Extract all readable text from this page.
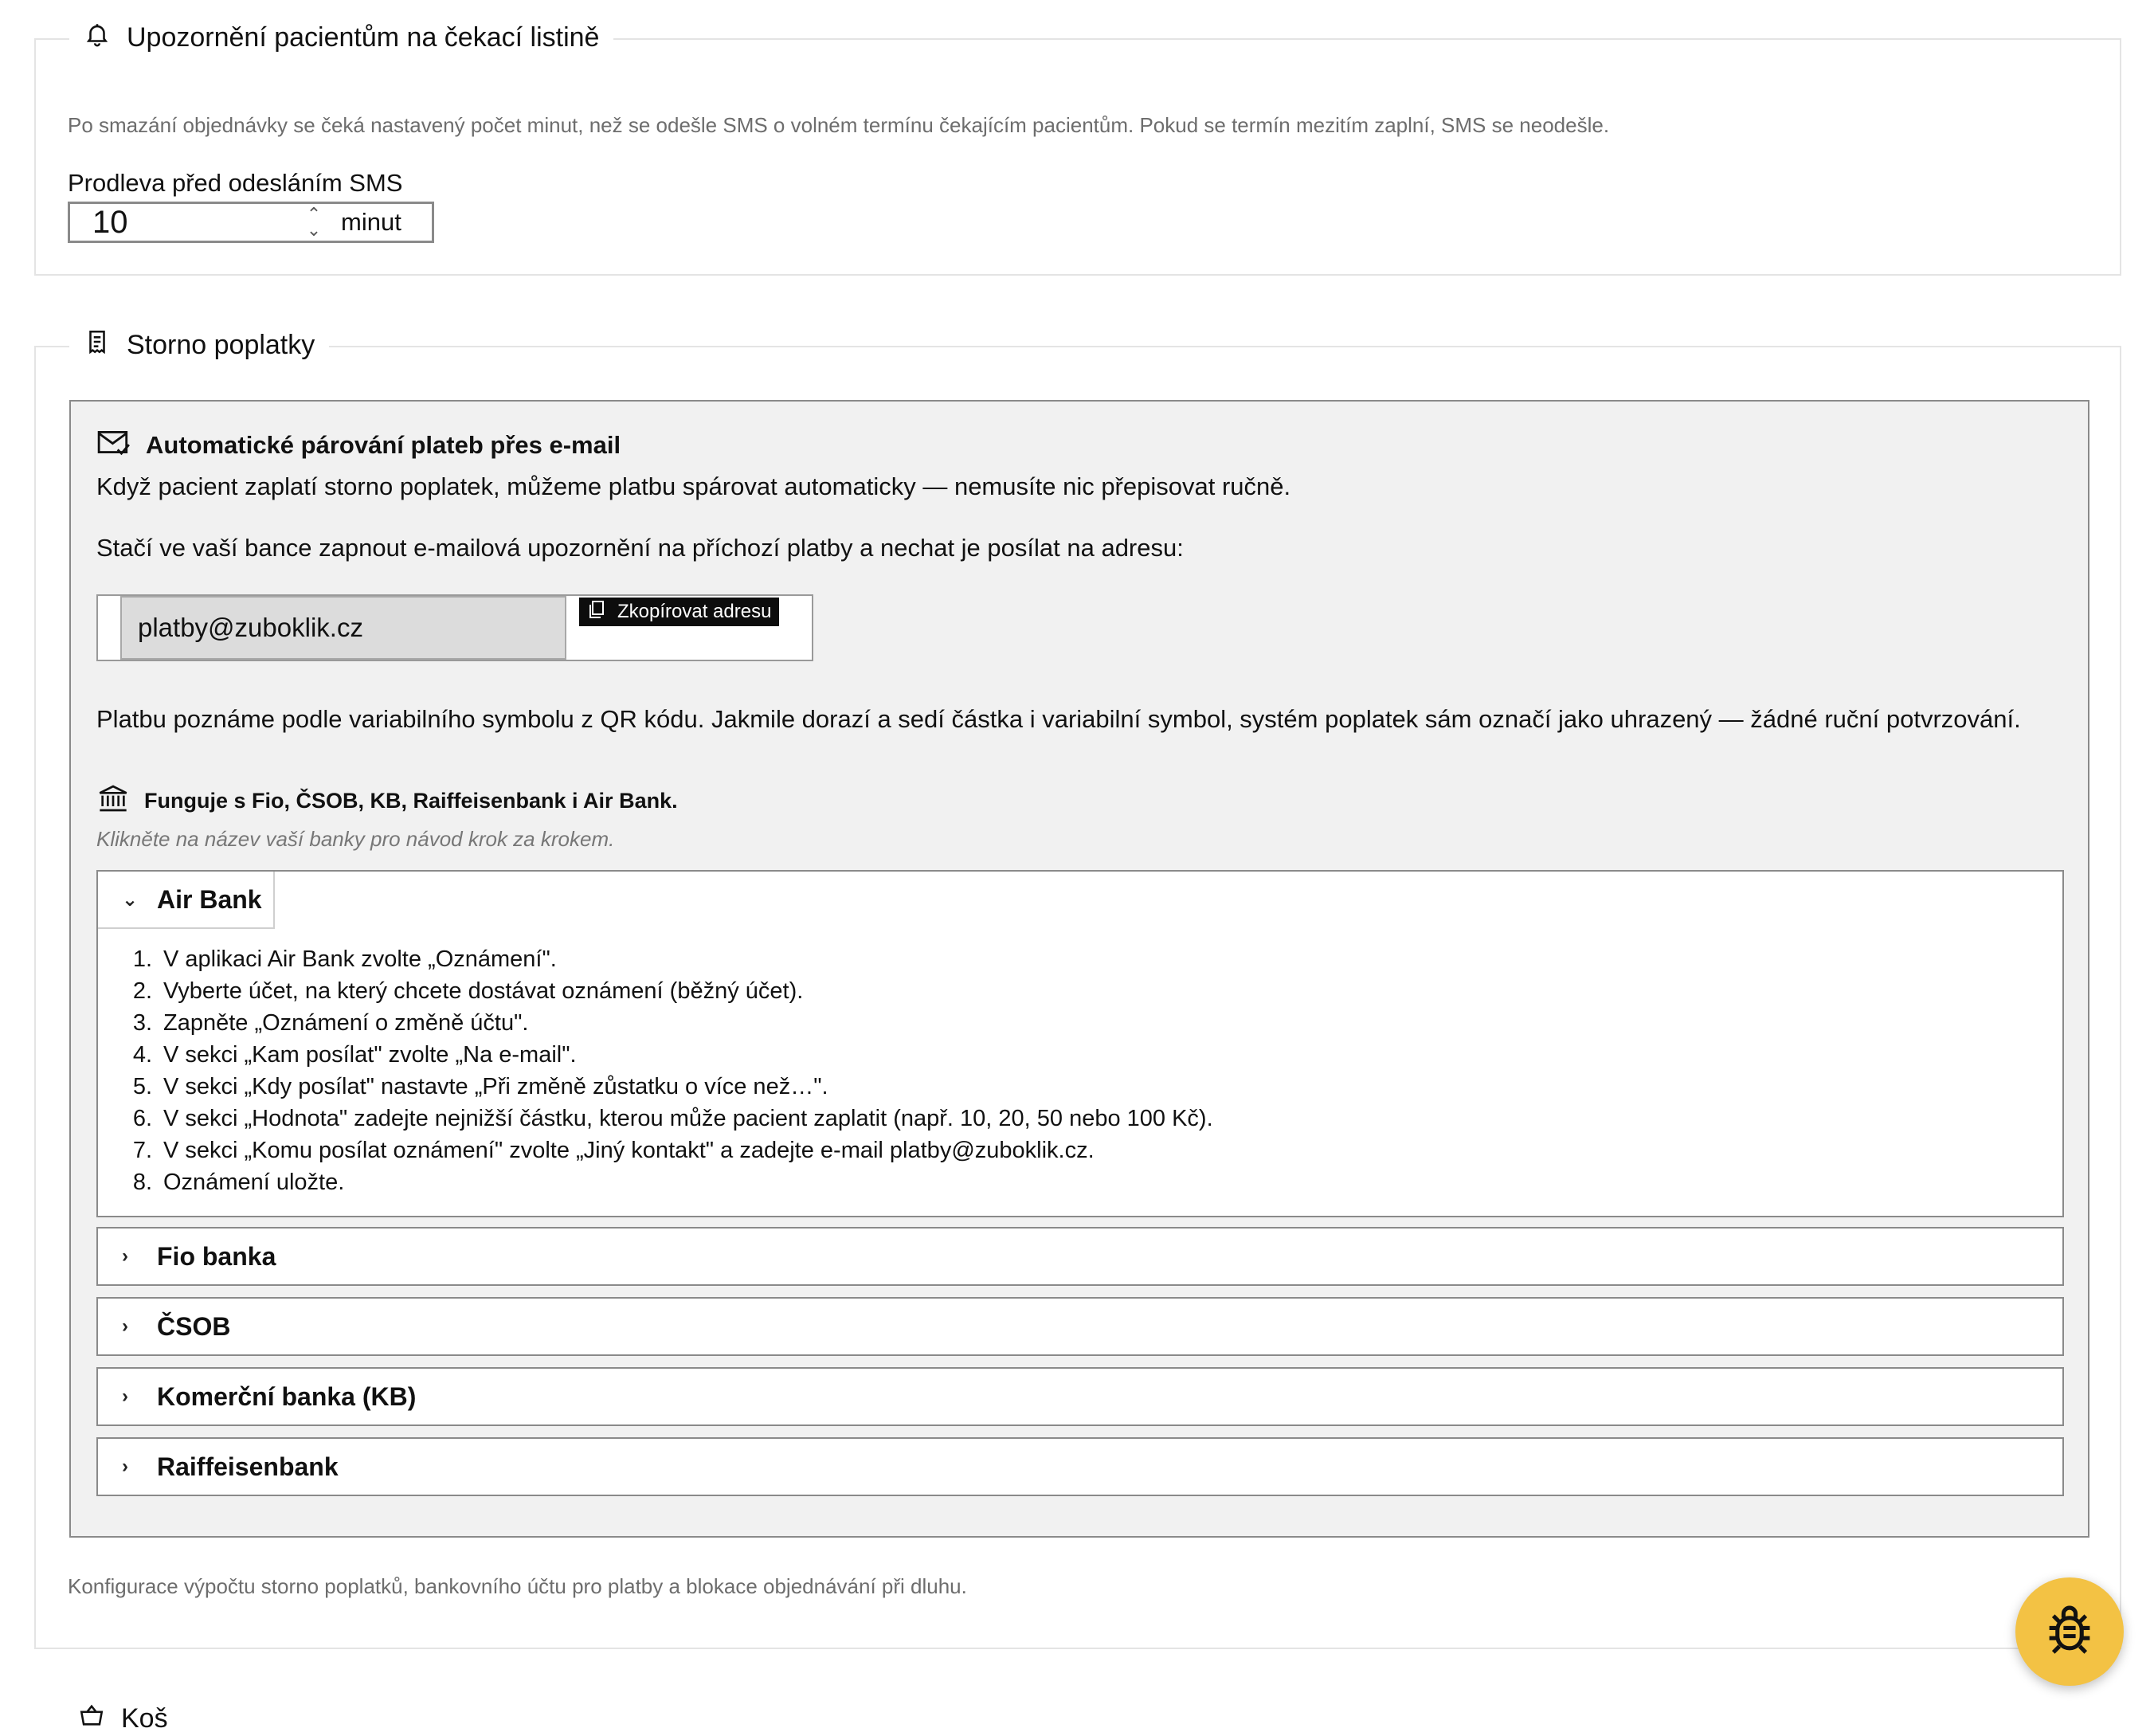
Upozornění pacientům na čekací listině
Po smazání objednávky se čeká nastavený počet minut, než se odešle SMS o volném termínu čekajícím pacientům. Pokud se termín mezitím zaplní, SMS se neodešle.
Prodleva před odesláním SMS
10	⌃
⌄ minut
Storno poplatky
Automatické párování plateb přes e-mail
Když pacient zaplatí storno poplatek, můžeme platbu spárovat automaticky — nemusíte nic přepisovat ručně.
Stačí ve vaší bance zapnout e-mailová upozornění na příchozí platby a nechat je posílat na adresu:
platby@zuboklik.cz
Zkopírovat adresu
Platbu poznáme podle variabilního symbolu z QR kódu. Jakmile dorazí a sedí částka i variabilní symbol, systém poplatek sám označí jako uhrazený — žádné ruční potvrzování.
Funguje s Fio, ČSOB, KB, Raiffeisenbank i Air Bank.
Klikněte na název vaší banky pro návod krok za krokem.
⌄ Air Bank
1. V aplikaci Air Bank zvolte „Oznámení".
2. Vyberte účet, na který chcete dostávat oznámení (běžný účet).
3. Zapněte „Oznámení o změně účtu".
4. V sekci „Kam posílat" zvolte „Na e-mail".
5. V sekci „Kdy posílat" nastavte „Při změně zůstatku o více než…".
6. V sekci „Hodnota" zadejte nejnižší částku, kterou může pacient zaplatit (např. 10, 20, 50 nebo 100 Kč).
7. V sekci „Komu posílat oznámení" zvolte „Jiný kontakt" a zadejte e-mail platby@zuboklik.cz.
8. Oznámení uložte.
›	Fio banka
›	ČSOB
›	Komerční banka (KB)
›	Raiffeisenbank
Konfigurace výpočtu storno poplatků, bankovního účtu pro platby a blokace objednávání při dluhu.
Koš
